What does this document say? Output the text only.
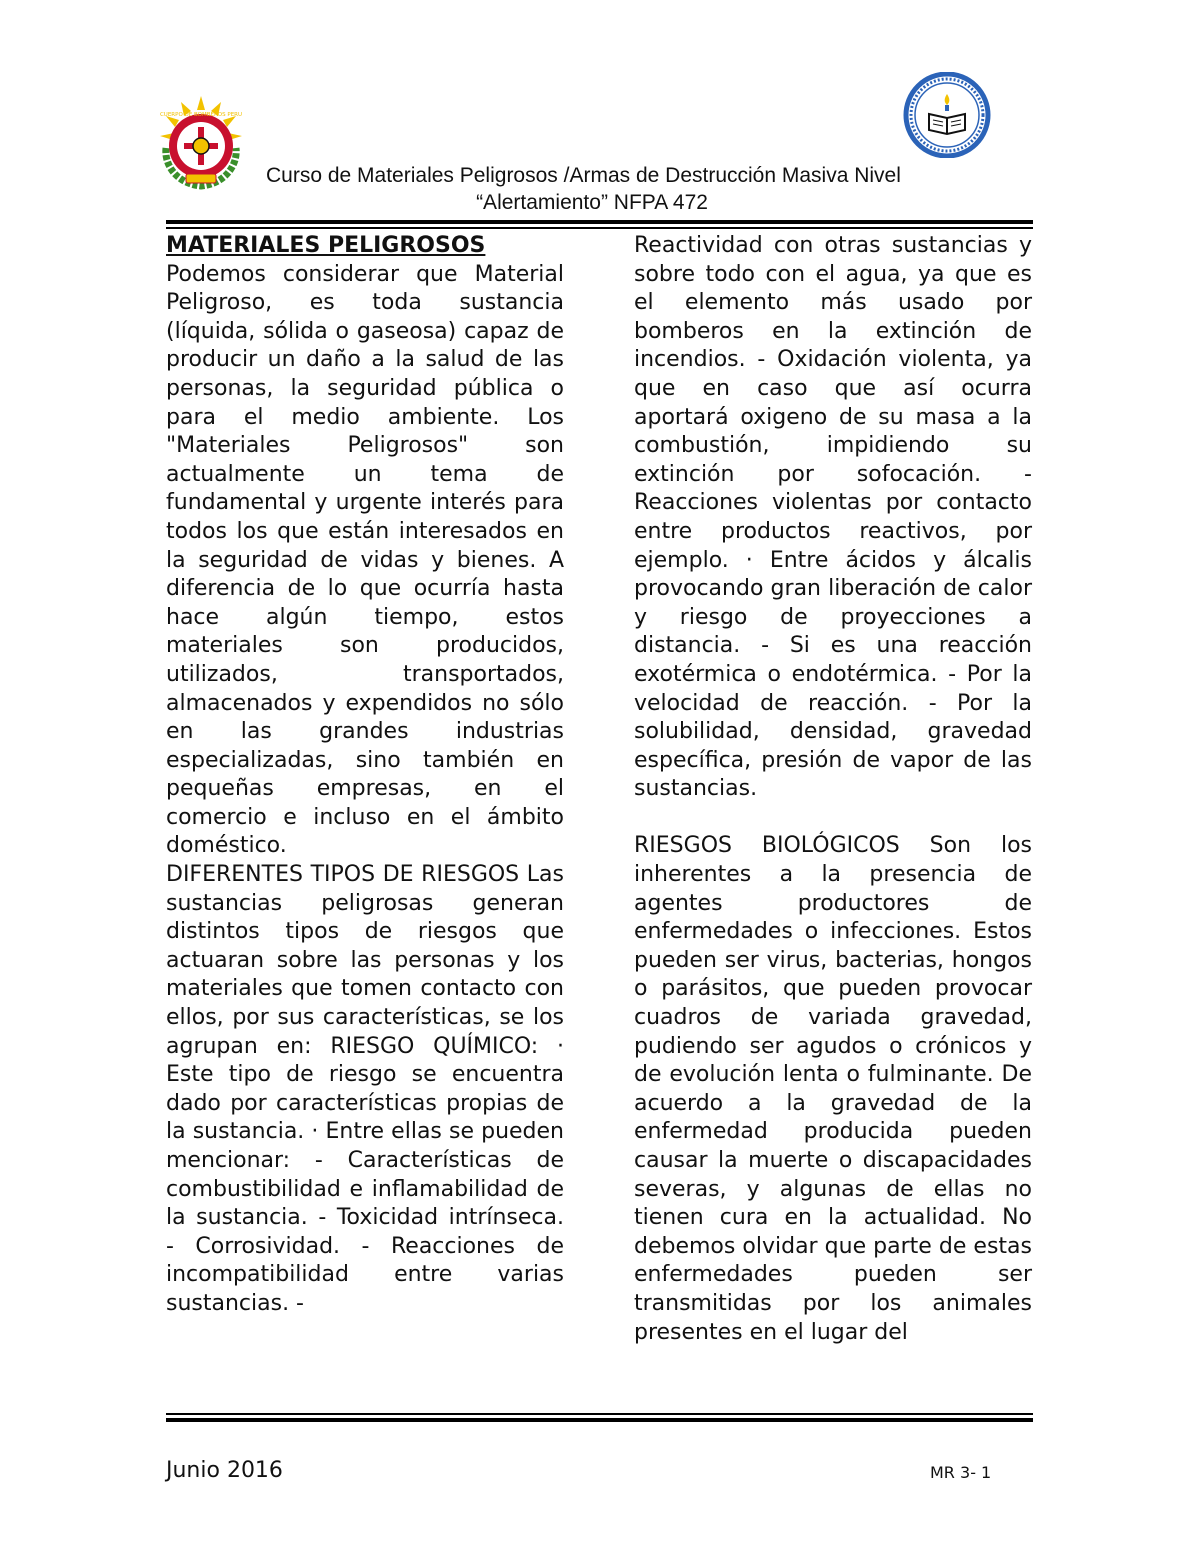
CUERPO DE BOMBEROS PERU
Curso de Materiales Peligrosos /Armas de Destrucción Masiva Nivel
“Alertamiento” NFPA 472
MATERIALES PELIGROSOS

Podemos considerar que Material Peligroso, es toda sustancia (líquida, sólida o gaseosa) capaz de producir un daño a la salud de las personas, la seguridad pública o para el medio ambiente. Los "Materiales Peligrosos" son actualmente un tema de fundamental y urgente interés para todos los que están interesados en la seguridad de vidas y bienes. A diferencia de lo que ocurría hasta hace algún tiempo, estos materiales son producidos, utilizados, transportados, almacenados y expendidos no sólo en las grandes industrias especializadas, sino también en pequeñas empresas, en el comercio e incluso en el ámbito doméstico.

DIFERENTES TIPOS DE RIESGOS Las sustancias peligrosas generan distintos tipos de riesgos que actuaran sobre las personas y los materiales que tomen contacto con ellos, por sus características, se los agrupan en: RIESGO QUÍMICO: · Este tipo de riesgo se encuentra dado por características propias de la sustancia. · Entre ellas se pueden mencionar: - Características de combustibilidad e inflamabilidad de la sustancia. - Toxicidad intrínseca. - Corrosividad. - Reacciones de incompatibilidad entre varias sustancias. -

Reactividad con otras sustancias y sobre todo con el agua, ya que es el elemento más usado por bomberos en la extinción de incendios. - Oxidación violenta, ya que en caso que así ocurra aportará oxigeno de su masa a la combustión, impidiendo su extinción por sofocación. - Reacciones violentas por contacto entre productos reactivos, por ejemplo. · Entre ácidos y álcalis provocando gran liberación de calor y riesgo de proyecciones a distancia. - Si es una reacción exotérmica o endotérmica. - Por la velocidad de reacción. - Por la solubilidad, densidad, gravedad específica, presión de vapor de las sustancias.

RIESGOS BIOLÓGICOS Son los inherentes a la presencia de agentes productores de enfermedades o infecciones. Estos pueden ser virus, bacterias, hongos o parásitos, que pueden provocar cuadros de variada gravedad, pudiendo ser agudos o crónicos y de evolución lenta o fulminante. De acuerdo a la gravedad de la enfermedad producida pueden causar la muerte o discapacidades severas, y algunas de ellas no tienen cura en la actualidad. No debemos olvidar que parte de estas enfermedades pueden ser transmitidas por los animales presentes en el lugar del

Junio 2016	MR 3- 1
